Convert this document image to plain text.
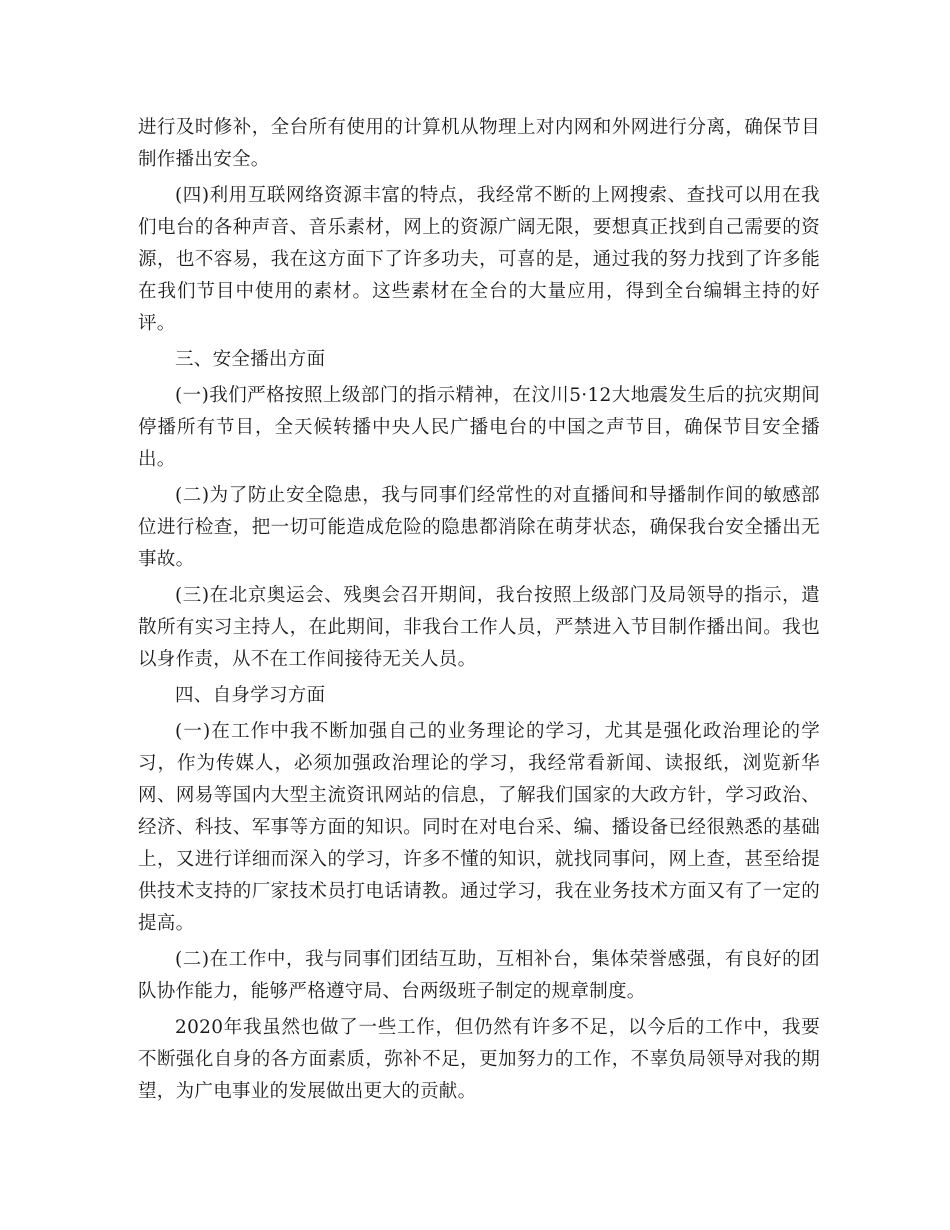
进行及时修补，全台所有使用的计算机从物理上对内网和外网进行分离，确保节目制作播出安全。

(四)利用互联网络资源丰富的特点，我经常不断的上网搜索、查找可以用在我们电台的各种声音、音乐素材，网上的资源广阔无限，要想真正找到自己需要的资源，也不容易，我在这方面下了许多功夫，可喜的是，通过我的努力找到了许多能在我们节目中使用的素材。这些素材在全台的大量应用，得到全台编辑主持的好评。

三、安全播出方面

(一)我们严格按照上级部门的指示精神，在汶川5·12大地震发生后的抗灾期间停播所有节目，全天候转播中央人民广播电台的中国之声节目，确保节目安全播出。

(二)为了防止安全隐患，我与同事们经常性的对直播间和导播制作间的敏感部位进行检查，把一切可能造成危险的隐患都消除在萌芽状态，确保我台安全播出无事故。

(三)在北京奥运会、残奥会召开期间，我台按照上级部门及局领导的指示，遣散所有实习主持人，在此期间，非我台工作人员，严禁进入节目制作播出间。我也以身作责，从不在工作间接待无关人员。

四、自身学习方面

(一)在工作中我不断加强自己的业务理论的学习，尤其是强化政治理论的学习，作为传媒人，必须加强政治理论的学习，我经常看新闻、读报纸，浏览新华网、网易等国内大型主流资讯网站的信息，了解我们国家的大政方针，学习政治、经济、科技、军事等方面的知识。同时在对电台采、编、播设备已经很熟悉的基础上，又进行详细而深入的学习，许多不懂的知识，就找同事问，网上查，甚至给提供技术支持的厂家技术员打电话请教。通过学习，我在业务技术方面又有了一定的提高。

(二)在工作中，我与同事们团结互助，互相补台，集体荣誉感强，有良好的团队协作能力，能够严格遵守局、台两级班子制定的规章制度。

2020年我虽然也做了一些工作，但仍然有许多不足，以今后的工作中，我要不断强化自身的各方面素质，弥补不足，更加努力的工作，不辜负局领导对我的期望，为广电事业的发展做出更大的贡献。
